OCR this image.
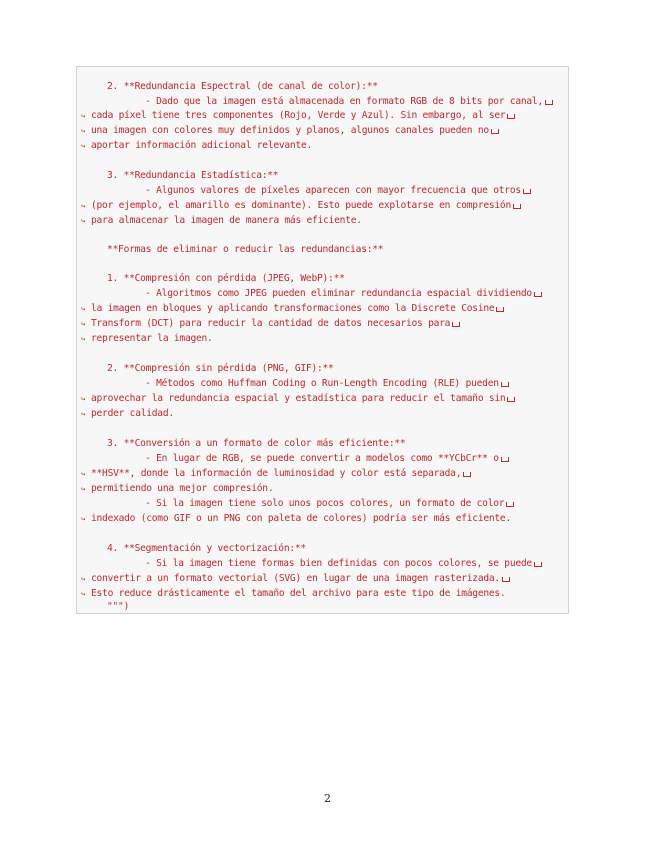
2. **Redundancia Espectral (de canal de color):**
- Dado que la imagen está almacenada en formato RGB de 8 bits por canal,
↪ cada píxel tiene tres componentes (Rojo, Verde y Azul). Sin embargo, al ser
↪ una imagen con colores muy definidos y planos, algunos canales pueden no
↪ aportar información adicional relevante.
3. **Redundancia Estadística:**
- Algunos valores de píxeles aparecen con mayor frecuencia que otros
↪ (por ejemplo, el amarillo es dominante). Esto puede explotarse en compresión
↪ para almacenar la imagen de manera más eficiente.
**Formas de eliminar o reducir las redundancias:**
1. **Compresión con pérdida (JPEG, WebP):**
- Algoritmos como JPEG pueden eliminar redundancia espacial dividiendo
↪ la imagen en bloques y aplicando transformaciones como la Discrete Cosine
↪ Transform (DCT) para reducir la cantidad de datos necesarios para
↪ representar la imagen.
2. **Compresión sin pérdida (PNG, GIF):**
- Métodos como Huffman Coding o Run-Length Encoding (RLE) pueden
↪ aprovechar la redundancia espacial y estadística para reducir el tamaño sin
↪ perder calidad.
3. **Conversión a un formato de color más eficiente:**
- En lugar de RGB, se puede convertir a modelos como **YCbCr** o
↪ **HSV**, donde la información de luminosidad y color está separada,
↪ permitiendo una mejor compresión.
- Si la imagen tiene solo unos pocos colores, un formato de color
↪ indexado (como GIF o un PNG con paleta de colores) podría ser más eficiente.
4. **Segmentación y vectorización:**
- Si la imagen tiene formas bien definidas con pocos colores, se puede
↪ convertir a un formato vectorial (SVG) en lugar de una imagen rasterizada.
↪ Esto reduce drásticamente el tamaño del archivo para este tipo de imágenes.
""")
2
